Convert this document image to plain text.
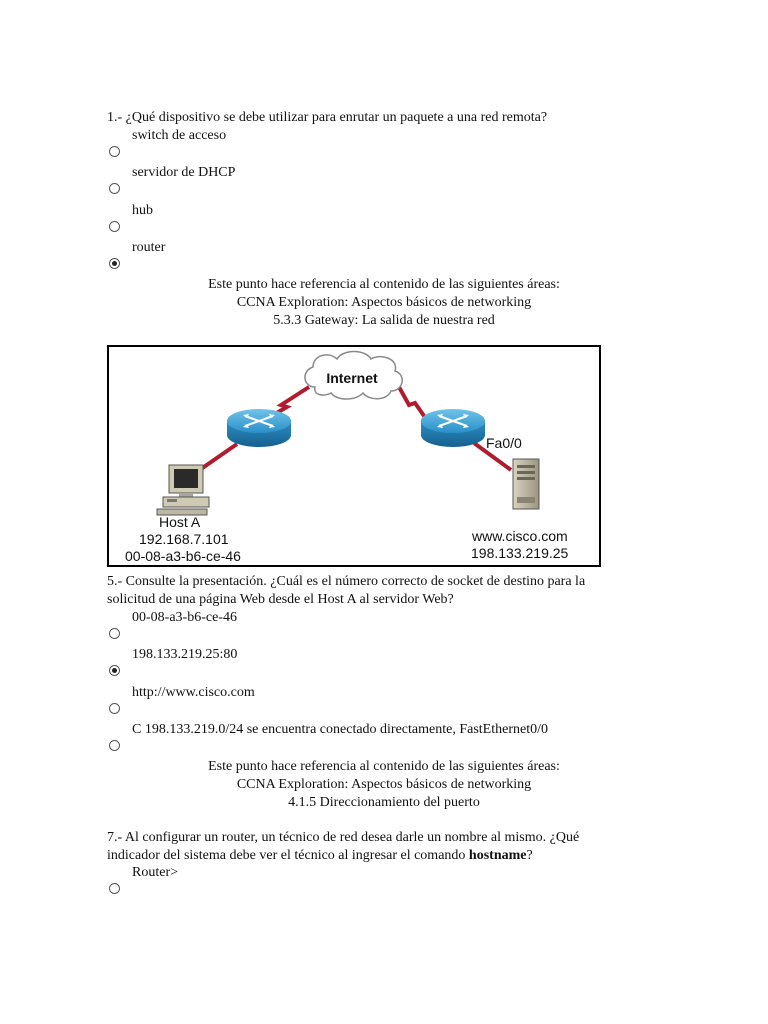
1.- ¿Qué dispositivo se debe utilizar para enrutar un paquete a una red remota?
switch de acceso
servidor de DHCP
hub
router
Este punto hace referencia al contenido de las siguientes áreas:
CCNA Exploration: Aspectos básicos de networking
5.3.3 Gateway: La salida de nuestra red
Internet
Fa0/0
Host A
192.168.7.101
00-08-a3-b6-ce-46
www.cisco.com
198.133.219.25
5.- Consulte la presentación. ¿Cuál es el número correcto de socket de destino para la solicitud de una página Web desde el Host A al servidor Web?
00-08-a3-b6-ce-46
198.133.219.25:80
http://www.cisco.com
C 198.133.219.0/24 se encuentra conectado directamente, FastEthernet0/0
Este punto hace referencia al contenido de las siguientes áreas:
CCNA Exploration: Aspectos básicos de networking
4.1.5 Direccionamiento del puerto
7.- Al configurar un router, un técnico de red desea darle un nombre al mismo. ¿Qué indicador del sistema debe ver el técnico al ingresar el comando hostname?
Router>
